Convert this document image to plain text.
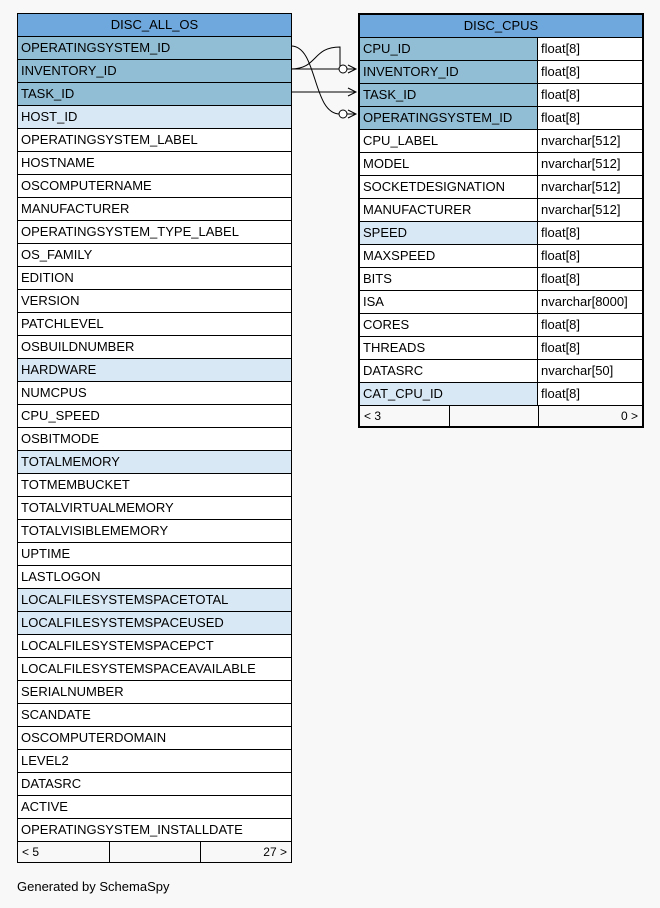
DISC_ALL_OS
OPERATINGSYSTEM_ID
INVENTORY_ID
TASK_ID
HOST_ID
OPERATINGSYSTEM_LABEL
HOSTNAME
OSCOMPUTERNAME
MANUFACTURER
OPERATINGSYSTEM_TYPE_LABEL
OS_FAMILY
EDITION
VERSION
PATCHLEVEL
OSBUILDNUMBER
HARDWARE
NUMCPUS
CPU_SPEED
OSBITMODE
TOTALMEMORY
TOTMEMBUCKET
TOTALVIRTUALMEMORY
TOTALVISIBLEMEMORY
UPTIME
LASTLOGON
LOCALFILESYSTEMSPACETOTAL
LOCALFILESYSTEMSPACEUSED
LOCALFILESYSTEMSPACEPCT
LOCALFILESYSTEMSPACEAVAILABLE
SERIALNUMBER
SCANDATE
OSCOMPUTERDOMAIN
LEVEL2
DATASRC
ACTIVE
OPERATINGSYSTEM_INSTALLDATE
< 5	27 >
DISC_CPUS
CPU_ID	float[8]
INVENTORY_ID	float[8]
TASK_ID	float[8]
OPERATINGSYSTEM_ID	float[8]
CPU_LABEL	nvarchar[512]
MODEL	nvarchar[512]
SOCKETDESIGNATION	nvarchar[512]
MANUFACTURER	nvarchar[512]
SPEED	float[8]
MAXSPEED	float[8]
BITS	float[8]
ISA	nvarchar[8000]
CORES	float[8]
THREADS	float[8]
DATASRC	nvarchar[50]
CAT_CPU_ID	float[8]
< 3	0 >
Generated by SchemaSpy
